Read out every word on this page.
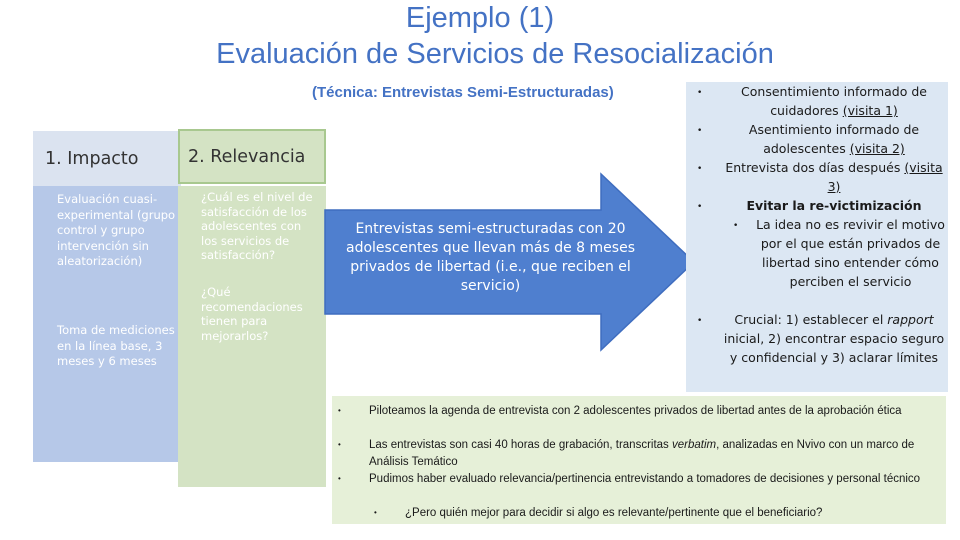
Ejemplo (1)
Evaluación de Servicios de Resocialización
(Técnica: Entrevistas Semi-Estructuradas)
1. Impacto
Evaluación cuasi-experimental (grupo control y grupo intervención sin aleatorización)
Toma de mediciones en la línea base, 3 meses y 6 meses
2. Relevancia
¿Cuál es el nivel de satisfacción de los adolescentes con los servicios de satisfacción?
¿Qué recomendaciones tienen para mejorarlos?
Entrevistas semi-estructuradas con 20 adolescentes que llevan más de 8 meses privados de libertad (i.e., que reciben el servicio)
•	Consentimiento informado de cuidadores (visita 1)
•	Asentimiento informado de adolescentes (visita 2)
• Entrevista dos días después (visita 3)
•	Evitar la re-victimización
• La idea no es revivir el motivo por el que están privados de libertad sino entender cómo perciben el servicio
•	Crucial: 1) establecer el rapport inicial, 2) encontrar espacio seguro y confidencial y 3) aclarar límites
• Piloteamos la agenda de entrevista con 2 adolescentes privados de libertad antes de la aprobación ética
• Las entrevistas son casi 40 horas de grabación, transcritas verbatim, analizadas en Nvivo con un marco de Análisis Temático
• Pudimos haber evaluado relevancia/pertinencia entrevistando a tomadores de decisiones y personal técnico
• ¿Pero quién mejor para decidir si algo es relevante/pertinente que el beneficiario?
